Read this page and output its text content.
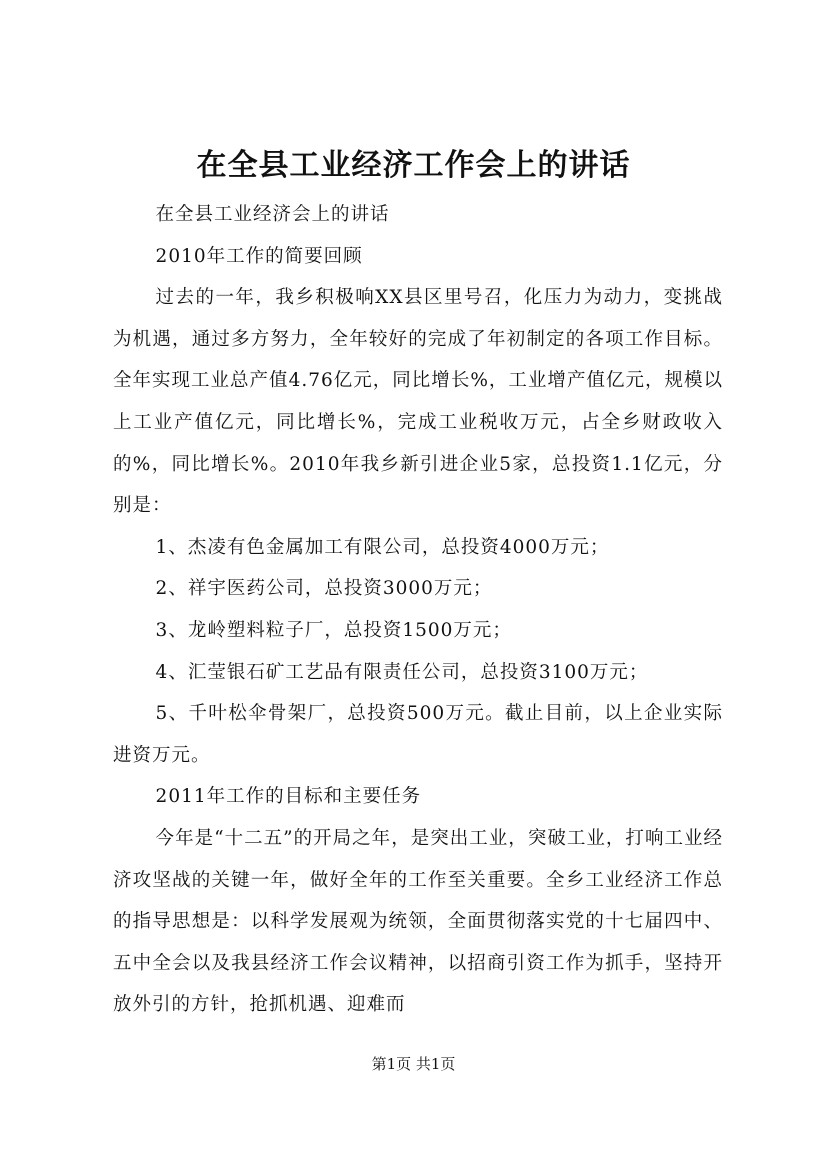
在全县工业经济工作会上的讲话

在全县工业经济会上的讲话

2010年工作的简要回顾

过去的一年，我乡积极响XX县区里号召，化压力为动力，变挑战为机遇，通过多方努力，全年较好的完成了年初制定的各项工作目标。全年实现工业总产值4.76亿元，同比增长%，工业增产值亿元，规模以上工业产值亿元，同比增长%，完成工业税收万元，占全乡财政收入的%，同比增长%。2010年我乡新引进企业5家，总投资1.1亿元，分别是：

1、杰凌有色金属加工有限公司，总投资4000万元；

2、祥宇医药公司，总投资3000万元；

3、龙岭塑料粒子厂，总投资1500万元；

4、汇莹银石矿工艺品有限责任公司，总投资3100万元；

5、千叶松伞骨架厂，总投资500万元。截止目前，以上企业实际进资万元。

2011年工作的目标和主要任务

今年是“十二五”的开局之年，是突出工业，突破工业，打响工业经济攻坚战的关键一年，做好全年的工作至关重要。全乡工业经济工作总的指导思想是：以科学发展观为统领，全面贯彻落实党的十七届四中、五中全会以及我县经济工作会议精神，以招商引资工作为抓手，坚持开放外引的方针，抢抓机遇、迎难而

第1页 共1页
